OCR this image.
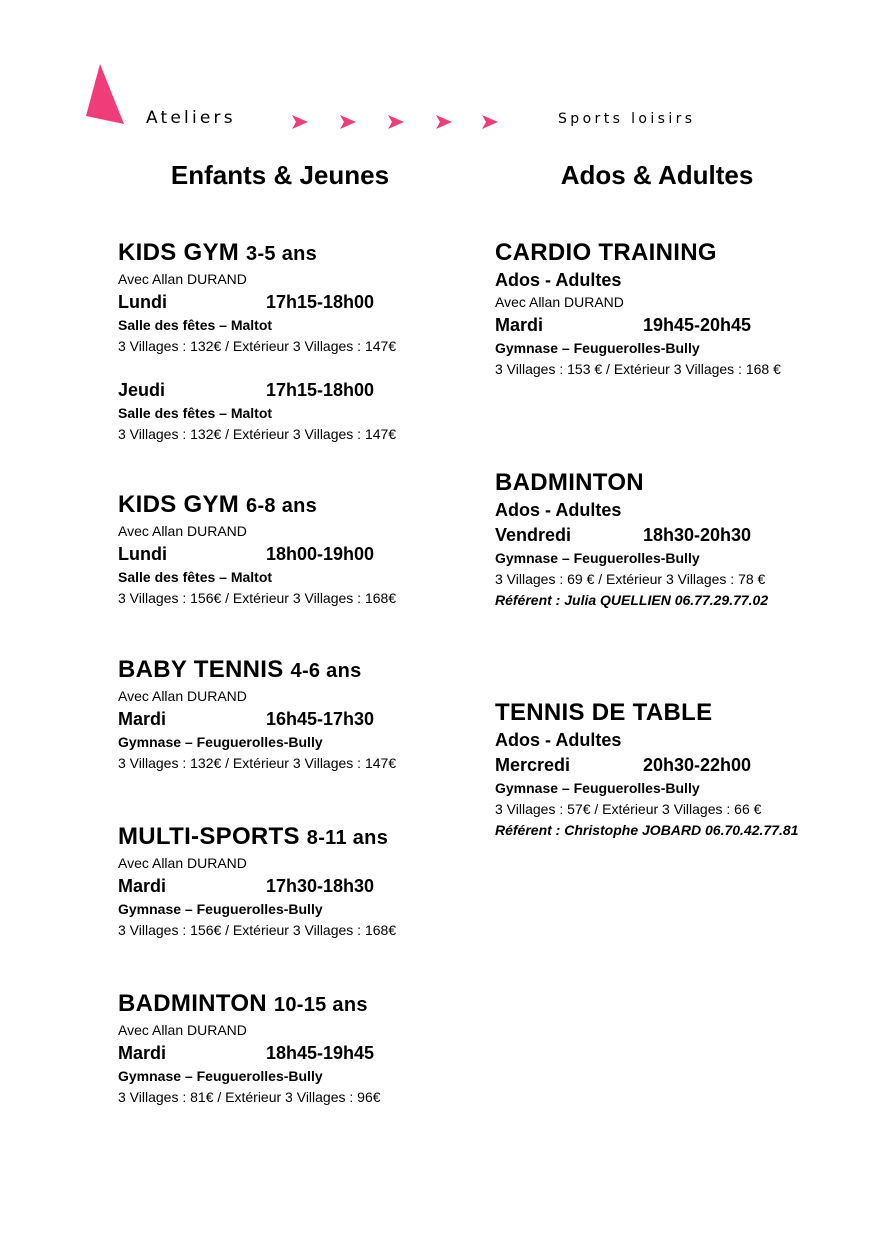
Ateliers	Sports loisirs
Enfants & Jeunes	Ados & Adultes
KIDS GYM 3-5 ans
Avec Allan DURAND
Lundi	17h15-18h00
Salle des fêtes – Maltot
3 Villages : 132€ / Extérieur 3 Villages : 147€
Jeudi	17h15-18h00
Salle des fêtes – Maltot
3 Villages : 132€ / Extérieur 3 Villages : 147€
KIDS GYM 6-8 ans
Avec Allan DURAND
Lundi	18h00-19h00
Salle des fêtes – Maltot
3 Villages : 156€ / Extérieur 3 Villages : 168€
BABY TENNIS 4-6 ans
Avec Allan DURAND
Mardi	16h45-17h30
Gymnase – Feuguerolles-Bully
3 Villages : 132€ / Extérieur 3 Villages : 147€
MULTI-SPORTS 8-11 ans
Avec Allan DURAND
Mardi	17h30-18h30
Gymnase – Feuguerolles-Bully
3 Villages : 156€ / Extérieur 3 Villages : 168€
BADMINTON 10-15 ans
Avec Allan DURAND
Mardi	18h45-19h45
Gymnase – Feuguerolles-Bully
3 Villages : 81€ / Extérieur 3 Villages : 96€
CARDIO TRAINING
Ados - Adultes
Avec Allan DURAND
Mardi	19h45-20h45
Gymnase – Feuguerolles-Bully
3 Villages : 153 € / Extérieur 3 Villages : 168 €
BADMINTON
Ados - Adultes
Vendredi	18h30-20h30
Gymnase – Feuguerolles-Bully
3 Villages : 69 € / Extérieur 3 Villages : 78 €
Référent : Julia QUELLIEN 06.77.29.77.02
TENNIS DE TABLE
Ados - Adultes
Mercredi	20h30-22h00
Gymnase – Feuguerolles-Bully
3 Villages : 57€ / Extérieur 3 Villages : 66 €
Référent : Christophe JOBARD 06.70.42.77.81
